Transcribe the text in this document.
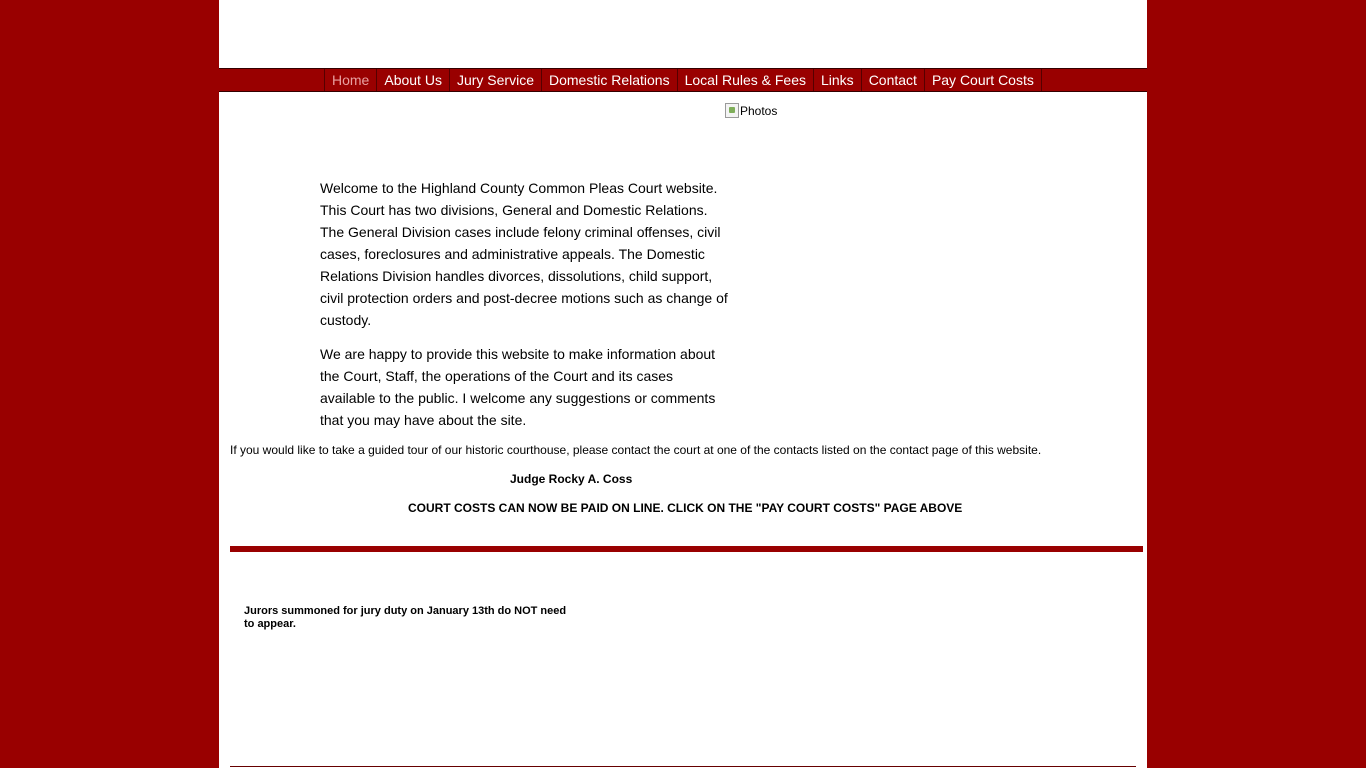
Home	About Us	Jury Service	Domestic Relations	Local Rules & Fees	Links	Contact	Pay Court Costs
Photos

Welcome to the Highland County Common Pleas Court website. This Court has two divisions, General and Domestic Relations. The General Division cases include felony criminal offenses, civil cases, foreclosures and administrative appeals. The Domestic Relations Division handles divorces, dissolutions, child support, civil protection orders and post-decree motions such as change of custody.

We are happy to provide this website to make information about the Court, Staff, the operations of the Court and its cases available to the public. I welcome any suggestions or comments that you may have about the site.

If you would like to take a guided tour of our historic courthouse, please contact the court at one of the contacts listed on the contact page of this website.
Judge Rocky A. Coss
COURT COSTS CAN NOW BE PAID ON LINE. CLICK ON THE "PAY COURT COSTS" PAGE ABOVE
Jurors summoned for jury duty on January 13th do NOT need to appear.
